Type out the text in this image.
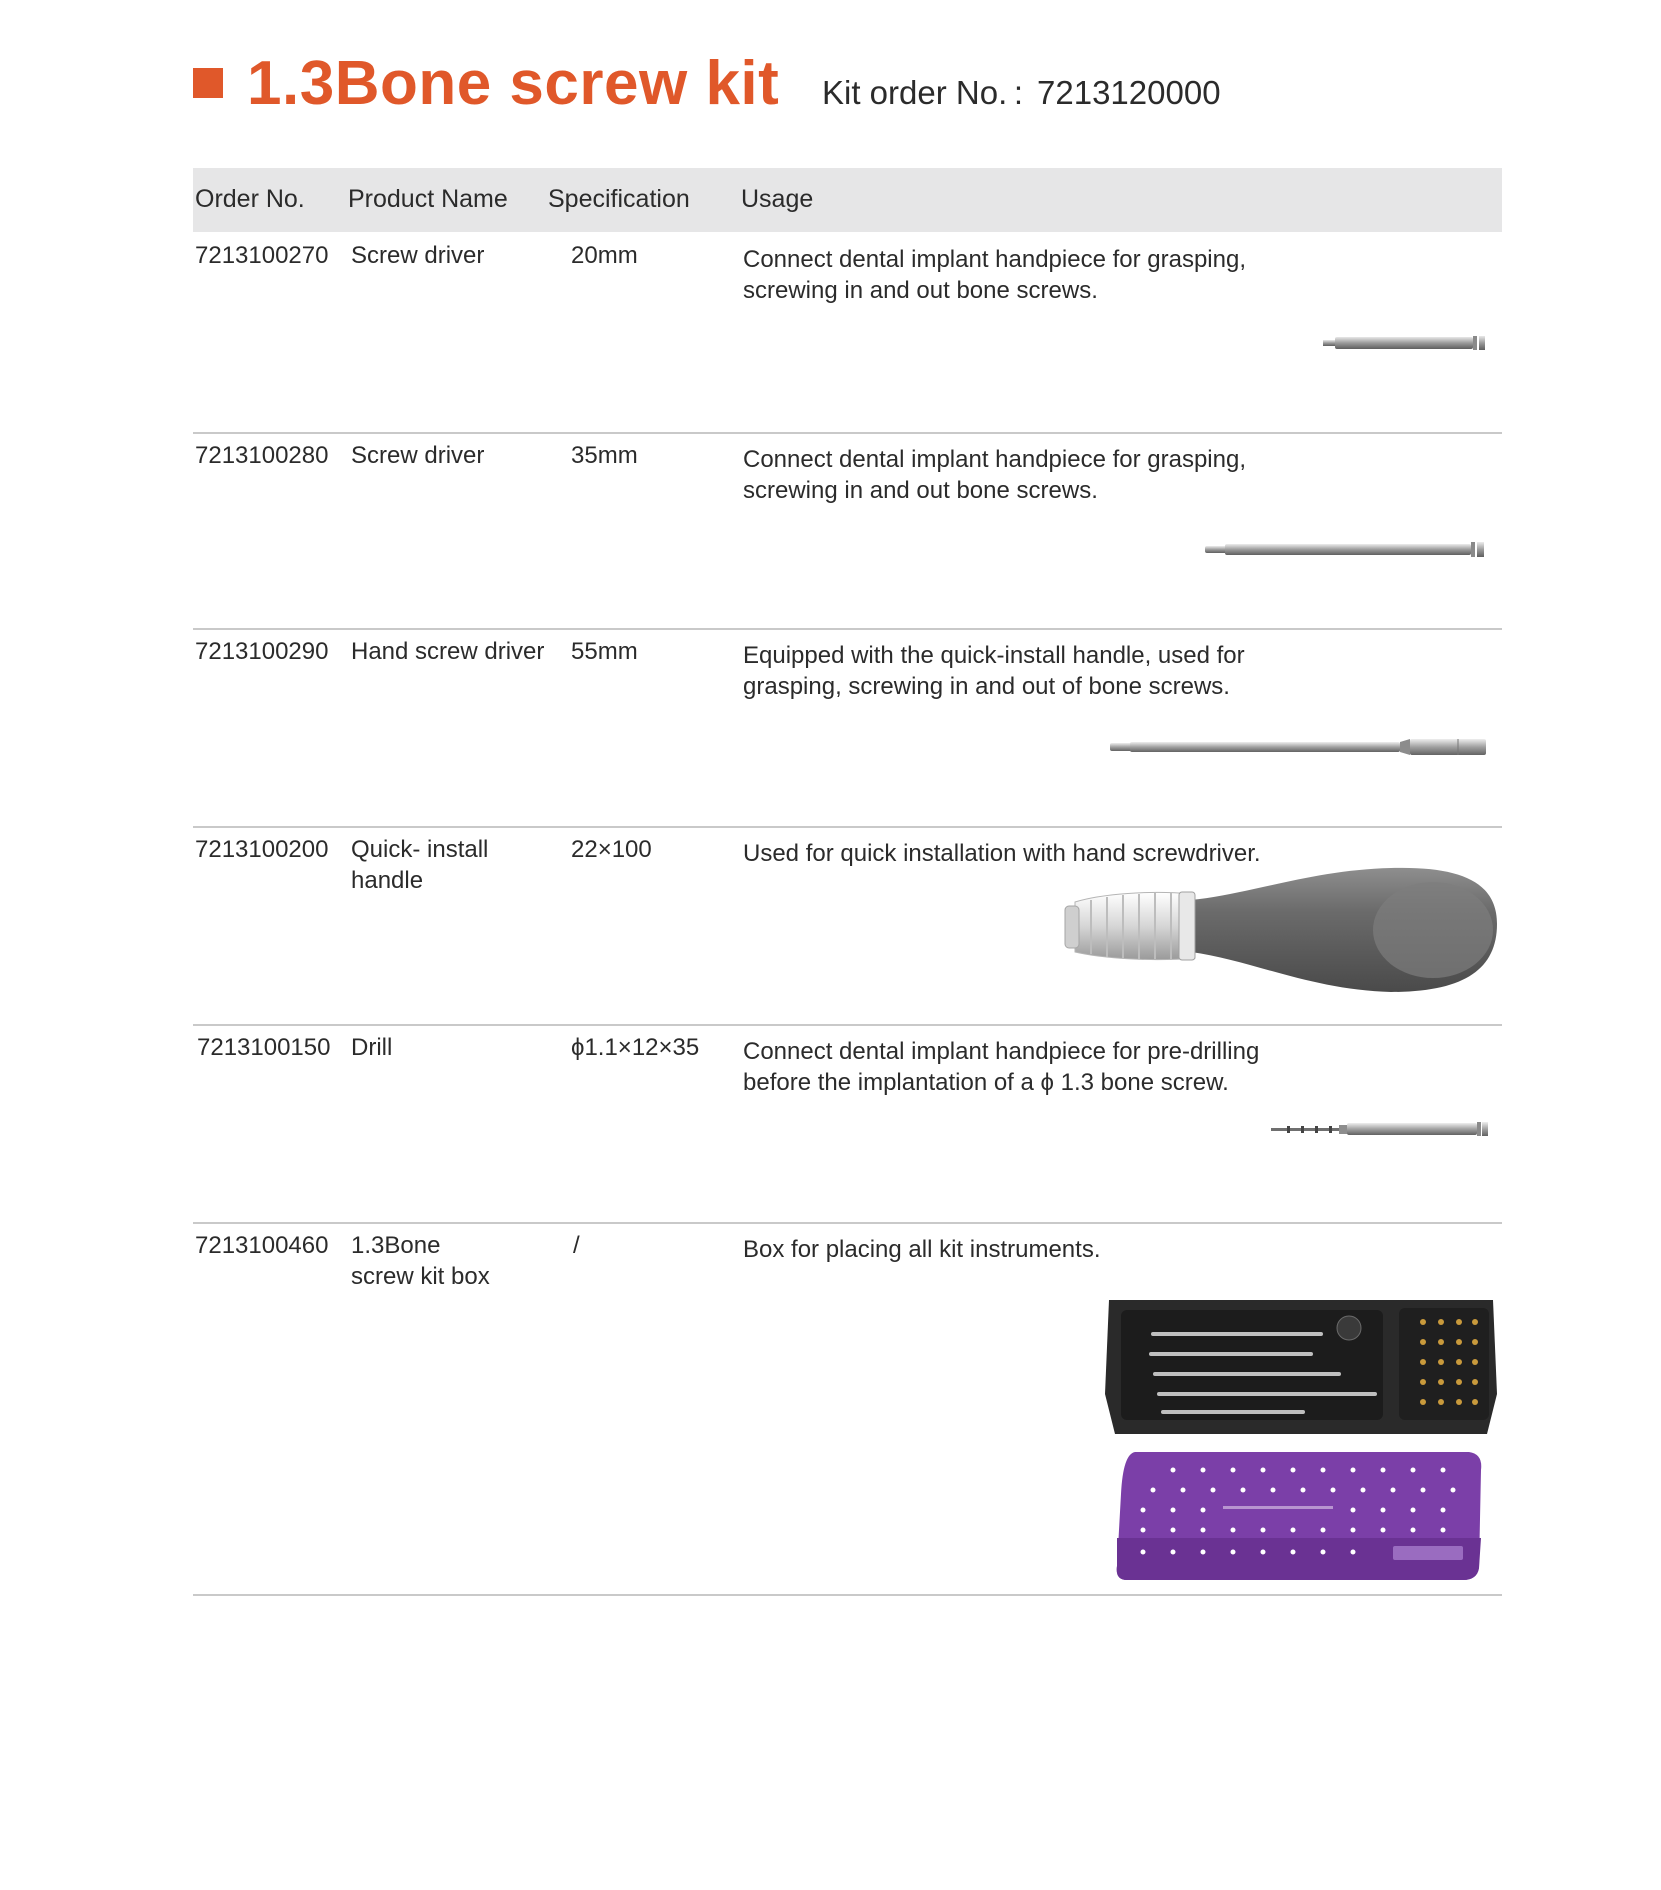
1.3Bone screw kit Kit order No. : 7213120000
Order No. Product Name Specification Usage
7213100270 Screw driver	20mm	Connect dental implant handpiece for grasping,
screwing in and out bone screws.
7213100280 Screw driver	35mm	Connect dental implant handpiece for grasping,
screwing in and out bone screws.
7213100290 Hand screw driver	55mm	Equipped with the quick-install handle, used for
grasping, screwing in and out of bone screws.
7213100200 Quick- install
handle
22×100	Used for quick installation with hand screwdriver.
7213100150 Drill	ϕ1.1×12×35	Connect dental implant handpiece for pre-drilling
before the implantation of a ϕ 1.3 bone screw.
7213100460 1.3Bone
screw kit box
/	Box for placing all kit instruments.
